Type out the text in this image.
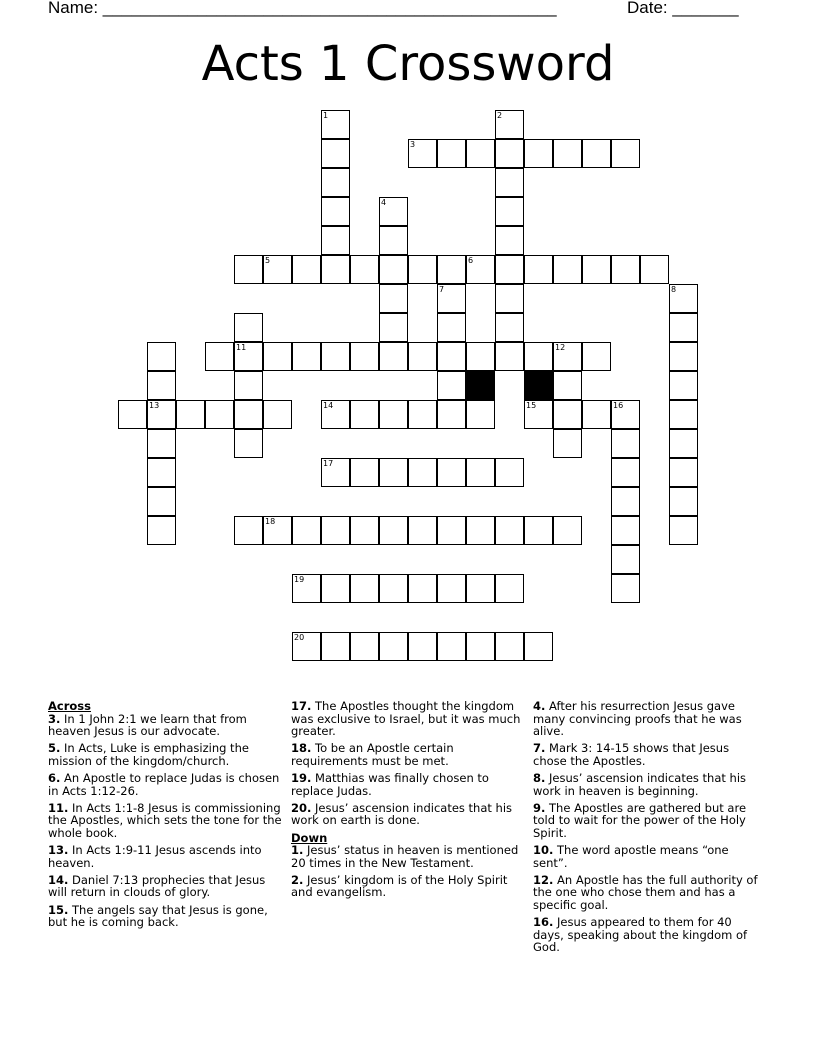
Name: ________________________________________________	Date: _______
Acts 1 Crossword
3
5	6
11	12
13	14	15	16
17
18
19
20
1	2
4
7	8

Across

3. In 1 John 2:1 we learn that from heaven Jesus is our advocate.
5. In Acts, Luke is emphasizing the mission of the kingdom/church.
6. An Apostle to replace Judas is chosen in Acts 1:12-26.
11. In Acts 1:1-8 Jesus is commissioning the Apostles, which sets the tone for the whole book.
13. In Acts 1:9-11 Jesus ascends into heaven.
14. Daniel 7:13 prophecies that Jesus will return in clouds of glory.
15. The angels say that Jesus is gone, but he is coming back.
17. The Apostles thought the kingdom was exclusive to Israel, but it was much greater.
18. To be an Apostle certain requirements must be met.
19. Matthias was finally chosen to replace Judas.
20. Jesus’ ascension indicates that his work on earth is done.

Down

1. Jesus’ status in heaven is mentioned 20 times in the New Testament.
2. Jesus’ kingdom is of the Holy Spirit and evangelism.
4. After his resurrection Jesus gave many convincing proofs that he was alive.
7. Mark 3: 14-15 shows that Jesus chose the Apostles.
8. Jesus’ ascension indicates that his work in heaven is beginning.
9. The Apostles are gathered but are told to wait for the power of the Holy Spirit.
10. The word apostle means “one sent”.
12. An Apostle has the full authority of the one who chose them and has a specific goal.
16. Jesus appeared to them for 40 days, speaking about the kingdom of God.
